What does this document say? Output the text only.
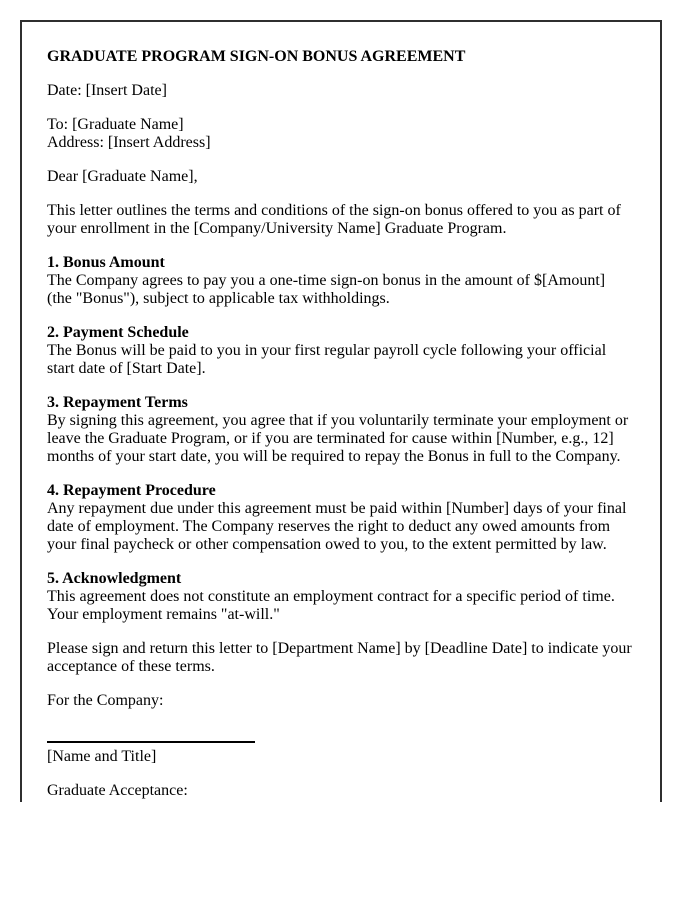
GRADUATE PROGRAM SIGN-ON BONUS AGREEMENT

Date: [Insert Date]

To: [Graduate Name]
Address: [Insert Address]

Dear [Graduate Name],

This letter outlines the terms and conditions of the sign-on bonus offered to you as part of your enrollment in the [Company/University Name] Graduate Program.

1. Bonus Amount
The Company agrees to pay you a one-time sign-on bonus in the amount of $[Amount] (the "Bonus"), subject to applicable tax withholdings.

2. Payment Schedule
The Bonus will be paid to you in your first regular payroll cycle following your official start date of [Start Date].

3. Repayment Terms
By signing this agreement, you agree that if you voluntarily terminate your employment or leave the Graduate Program, or if you are terminated for cause within [Number, e.g., 12] months of your start date, you will be required to repay the Bonus in full to the Company.

4. Repayment Procedure
Any repayment due under this agreement must be paid within [Number] days of your final date of employment. The Company reserves the right to deduct any owed amounts from your final paycheck or other compensation owed to you, to the extent permitted by law.

5. Acknowledgment
This agreement does not constitute an employment contract for a specific period of time. Your employment remains "at-will."

Please sign and return this letter to [Department Name] by [Deadline Date] to indicate your acceptance of these terms.

For the Company:

[Name and Title]

Graduate Acceptance:
